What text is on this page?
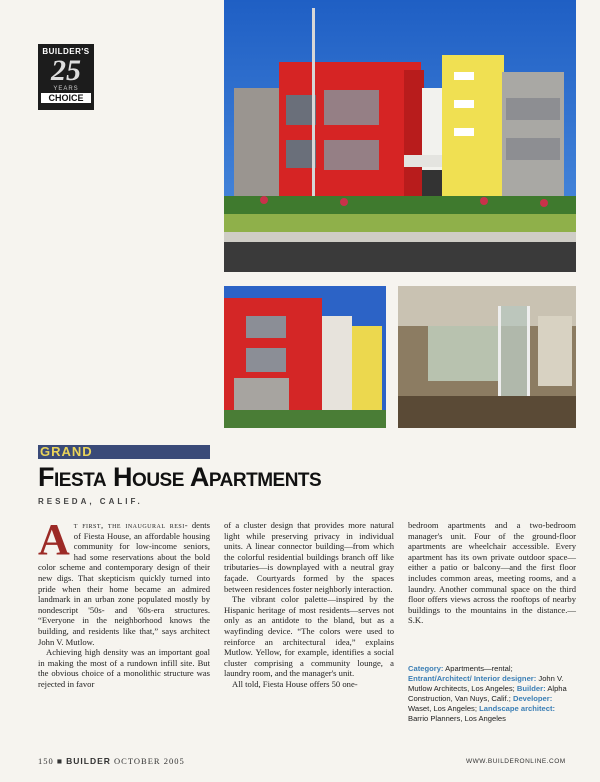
BUILDER'S
25
YEARS
CHOICE
GRAND
Fiesta House Apartments
RESEDA, CALIF.

At first, the inaugural resi- dents of Fiesta House, an affordable housing community for low-income seniors, had some reservations about the bold color scheme and contemporary design of their new digs. That skepticism quickly turned into pride when their home became an admired landmark in an urban zone populated mostly by nondescript '50s- and '60s-era structures. “Everyone in the neighborhood knows the building, and residents like that,” says architect John V. Mutlow.

Achieving high density was an important goal in making the most of a rundown infill site. But the obvious choice of a monolithic structure was rejected in favor

of a cluster design that provides more natural light while preserving privacy in individual units. A linear connector building—from which the colorful residential buildings branch off like tributaries—is downplayed with a neutral gray façade. Courtyards formed by the spaces between residences foster neighborly interaction.

The vibrant color palette—inspired by the Hispanic heritage of most residents—serves not only as an antidote to the bland, but as a wayfinding device. “The colors were used to reinforce an architectural idea,” explains Mutlow. Yellow, for example, identifies a social cluster comprising a community lounge, a laundry room, and the manager's unit.

All told, Fiesta House offers 50 one-

bedroom apartments and a two-bedroom manager's unit. Four of the ground-floor apartments are wheelchair accessible. Every apartment has its own private outdoor space—either a patio or balcony—and the first floor includes common areas, meeting rooms, and a laundry. Another communal space on the third floor offers views across the rooftops of nearby buildings to the mountains in the distance.—S.K.

Category: Apartments—rental; Entrant/Architect/ Interior designer: John V. Mutlow Architects, Los Angeles; Builder: Alpha Construction, Van Nuys, Calif.; Developer: Waset, Los Angeles; Landscape architect: Barrio Planners, Los Angeles
150 ■ BUILDER OCTOBER 2005	WWW.BUILDERONLINE.COM
